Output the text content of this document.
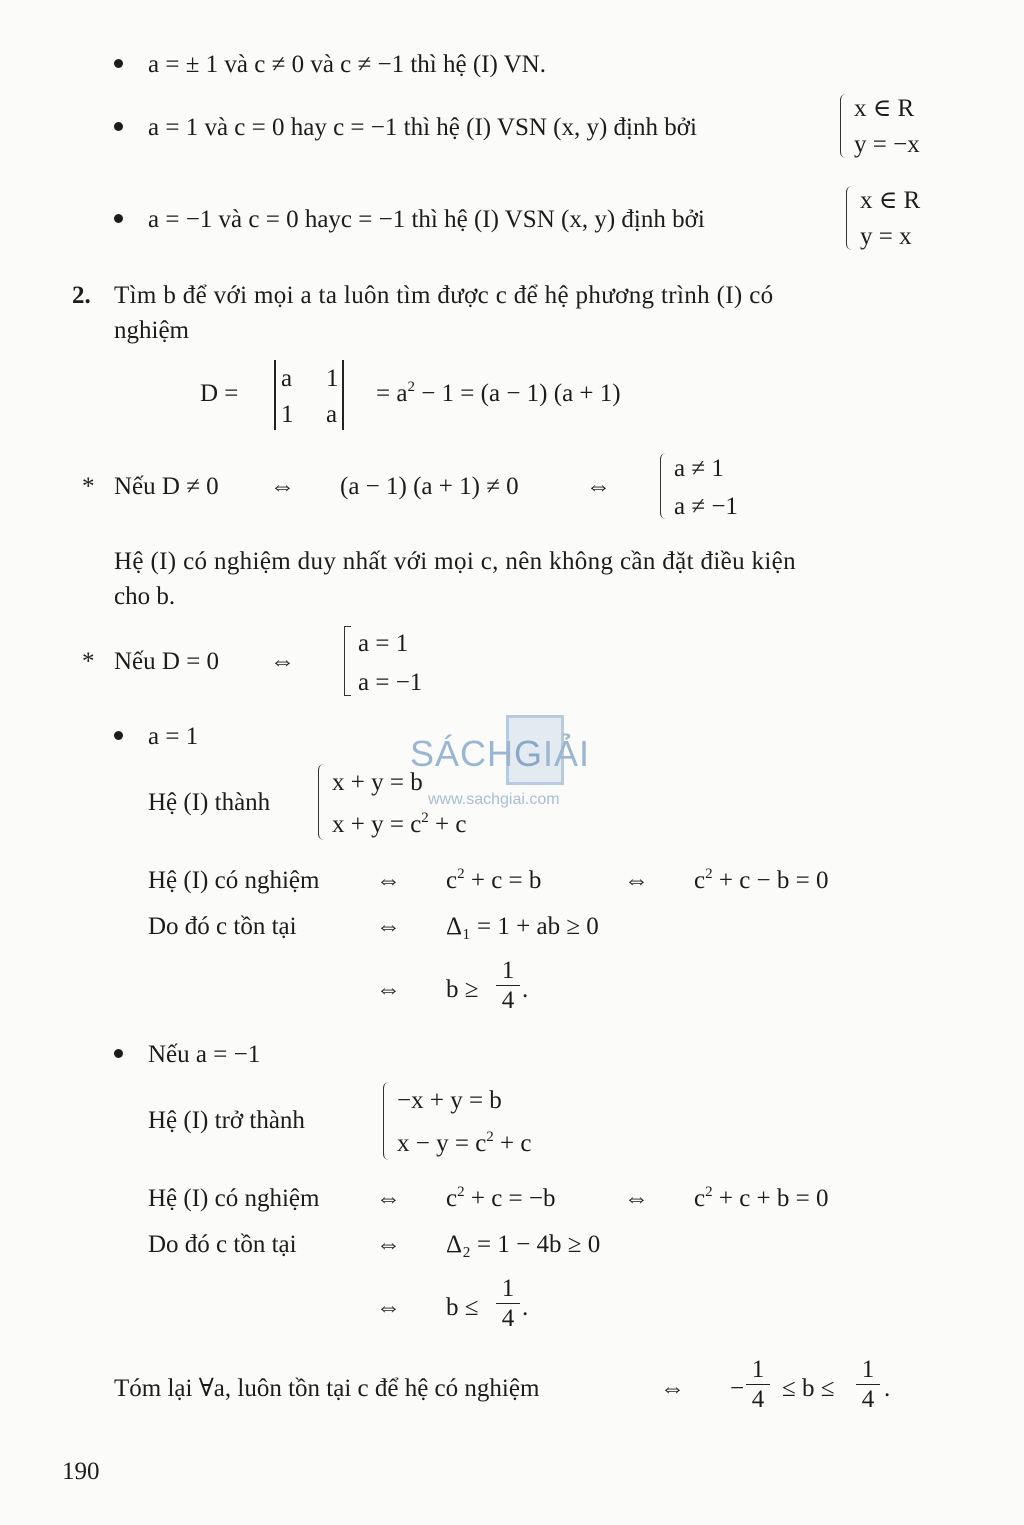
a = ± 1 và c ≠ 0 và c ≠ −1 thì hệ (I) VN.
a = 1 và c = 0 hay c = −1 thì hệ (I) VSN (x, y) định bởi
x ∈ R
y = −x
a = −1 và c = 0 hayc = −1 thì hệ (I) VSN (x, y) định bởi
x ∈ R
y = x
2. Tìm b để với mọi a ta luôn tìm được c để hệ phương trình (I) có
nghiệm
D =
a 1
1 a
= $a^2 - 1 = (a - 1) (a + 1)$
* Nếu D ≠ 0 ⇔ (a − 1) (a + 1) ≠ 0	⇔
a ≠ 1
a ≠ −1
Hệ (I) có nghiệm duy nhất với mọi c, nên không cần đặt điều kiện
cho b.
* Nếu D = 0 ⇔
a = 1
a = −1
a = 1
Hệ (I) thành
x + y = b
$x + y = c^2 + c$
Hệ (I) có nghiệm ⇔ $c^2 + c = b$	⇔ $c^2 + c - b = 0$
Do đó c tồn tại	⇔ Δ₁ = 1 + ab ≥ 0
⇔ b ≥
1
4 .
Nếu a = −1
Hệ (I) trở thành
−x + y = b
$x - y = c^2 + c$
Hệ (I) có nghiệm ⇔ $c^2 + c = -b$	⇔ $c^2 + c + b = 0$
Do đó c tồn tại	⇔ Δ₂ = 1 − 4b ≥ 0
⇔ b ≤
1
4 .
Tóm lại ∀a, luôn tồn tại c để hệ có nghiệm	⇔ −
1
4 ≤ b ≤
1
4 .
190
SÁCHGIẢI
www.sachgiai.com
